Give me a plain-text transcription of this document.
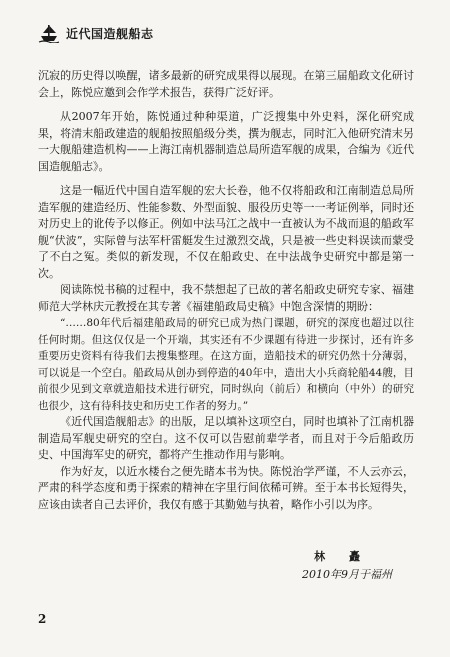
近代国造舰船志

沉寂的历史得以唤醒，诸多最新的研究成果得以展现。在第三届船政文化研讨会上，陈悦应邀到会作学术报告，获得广泛好评。

从2007年开始，陈悦通过种种渠道，广泛搜集中外史料，深化研究成果，将清末船政建造的舰船按照船级分类，撰为舰志，同时汇入他研究清末另一大舰船建造机构——上海江南机器制造总局所造军舰的成果，合编为《近代国造舰船志》。

这是一幅近代中国自造军舰的宏大长卷，他不仅将船政和江南制造总局所造军舰的建造经历、性能参数、外型面貌、服役历史等一一考证例举，同时还对历史上的讹传予以修正。例如中法马江之战中一直被认为不战而退的船政军舰“伏波”，实际曾与法军杆雷艇发生过激烈交战，只是被一些史料误读而蒙受了不白之冤。类似的新发现，不仅在船政史、在中法战争史研究中都是第一次。

阅读陈悦书稿的过程中，我不禁想起了已故的著名船政史研究专家、福建师范大学林庆元教授在其专著《福建船政局史稿》中饱含深情的期盼：

“……80年代后福建船政局的研究已成为热门课题，研究的深度也超过以往任何时期。但这仅仅是一个开端，其实还有不少课题有待进一步探讨，还有许多重要历史资料有待我们去搜集整理。在这方面，造船技术的研究仍然十分薄弱，可以说是一个空白。船政局从创办到停造的40年中，造出大小兵商轮船44艘，目前很少见到文章就造船技术进行研究，同时纵向（前后）和横向（中外）的研究也很少，这有待科技史和历史工作者的努力。”

《近代国造舰船志》的出版，足以填补这项空白，同时也填补了江南机器制造局军舰史研究的空白。这不仅可以告慰前辈学者，而且对于今后船政历史、中国海军史的研究，都将产生推动作用与影响。

作为好友，以近水楼台之便先睹本书为快。陈悦治学严谨，不人云亦云，严肃的科学态度和勇于探索的精神在字里行间依稀可辨。至于本书长短得失，应该由读者自己去评价，我仅有感于其勤勉与执着，略作小引以为序。

林 矗
2010年9月于福州
2
